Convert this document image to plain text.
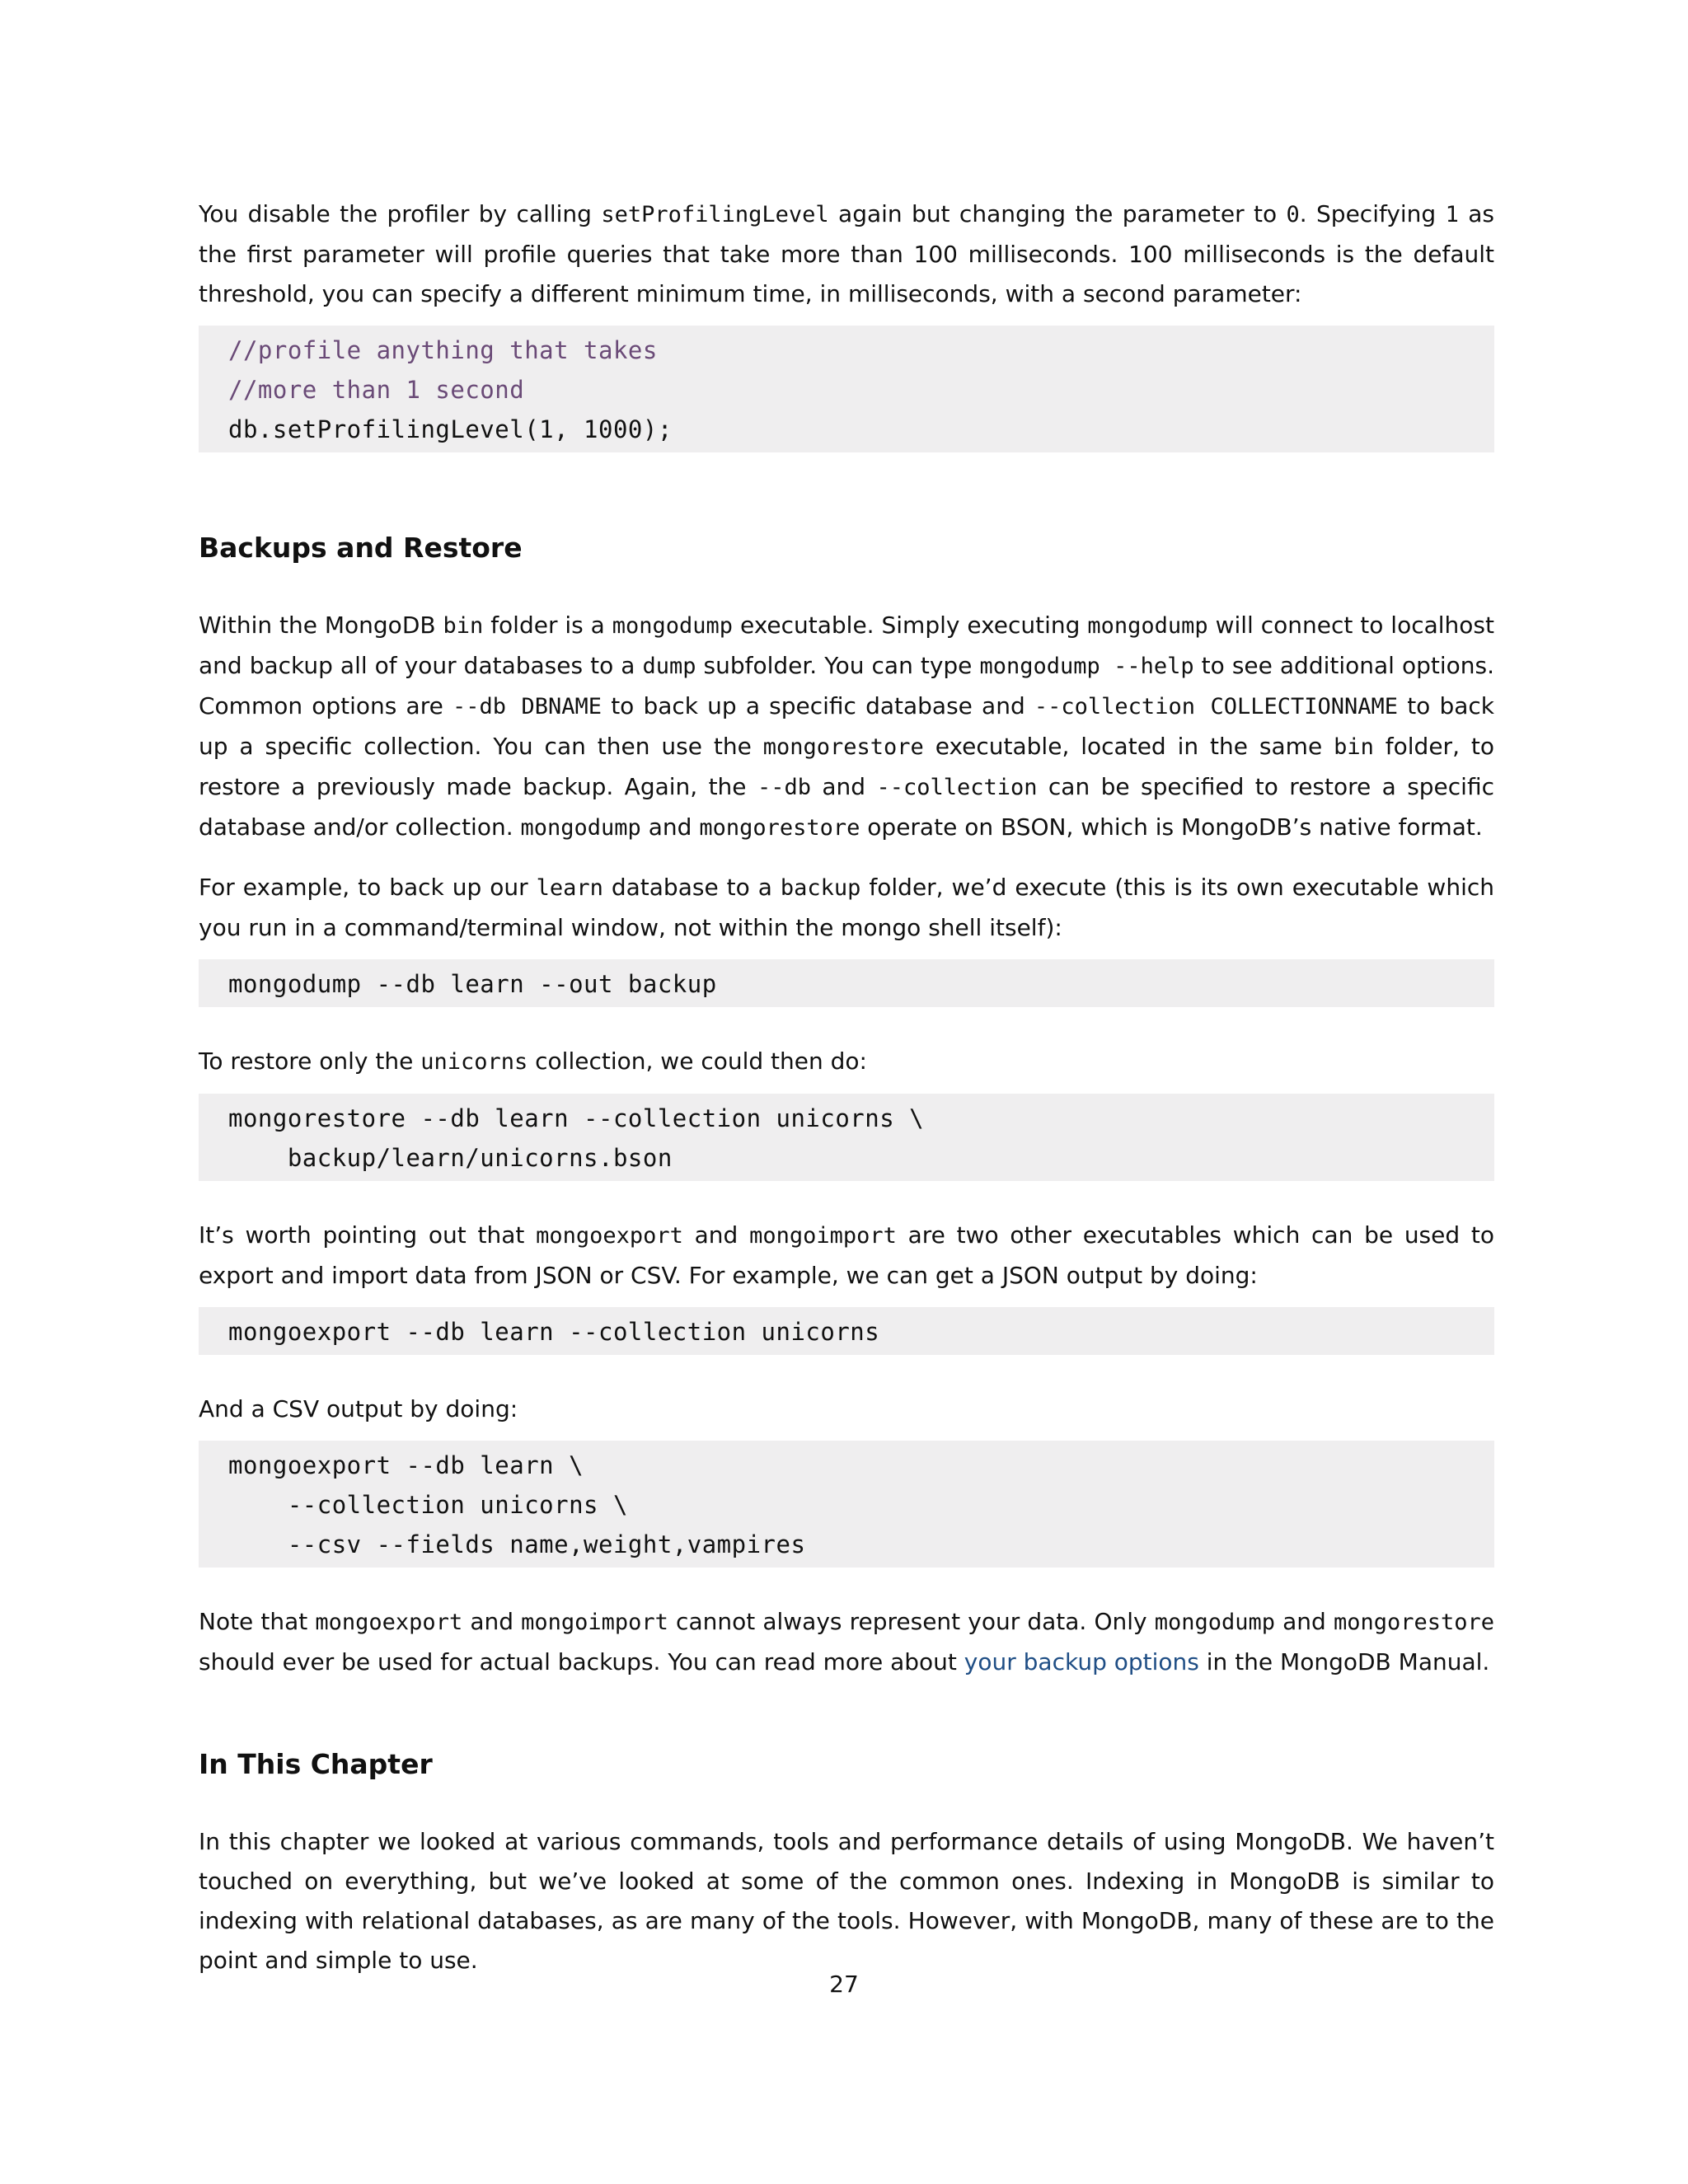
You disable the profiler by calling setProfilingLevel again but changing the parameter to 0. Specifying 1 as the first parameter will profile queries that take more than 100 milliseconds. 100 milliseconds is the default threshold, you can specify a different minimum time, in milliseconds, with a second parameter:

//profile anything that takes
//more than 1 second
db.setProfilingLevel(1, 1000);
Backups and Restore

Within the MongoDB bin folder is a mongodump executable. Simply executing mongodump will connect to localhost and backup all of your databases to a dump subfolder. You can type mongodump --help to see additional options. Common options are --db DBNAME to back up a specific database and --collection COLLECTIONNAME to back up a specific collection. You can then use the mongorestore executable, located in the same bin folder, to restore a previously made backup. Again, the --db and --collection can be specified to restore a specific database and/or collection. mongodump and mongorestore operate on BSON, which is MongoDB’s native format.

For example, to back up our learn database to a backup folder, we’d execute (this is its own executable which you run in a command/terminal window, not within the mongo shell itself):

mongodump --db learn --out backup

To restore only the unicorns collection, we could then do:

mongorestore --db learn --collection unicorns \
backup/learn/unicorns.bson

It’s worth pointing out that mongoexport and mongoimport are two other executables which can be used to export and import data from JSON or CSV. For example, we can get a JSON output by doing:

mongoexport --db learn --collection unicorns

And a CSV output by doing:

mongoexport --db learn \
--collection unicorns \
--csv --fields name,weight,vampires

Note that mongoexport and mongoimport cannot always represent your data. Only mongodump and mongorestore should ever be used for actual backups. You can read more about your backup options in the MongoDB Manual.

In This Chapter

In this chapter we looked at various commands, tools and performance details of using MongoDB. We haven’t touched on everything, but we’ve looked at some of the common ones. Indexing in MongoDB is similar to indexing with relational databases, as are many of the tools. However, with MongoDB, many of these are to the point and simple to use.

27
